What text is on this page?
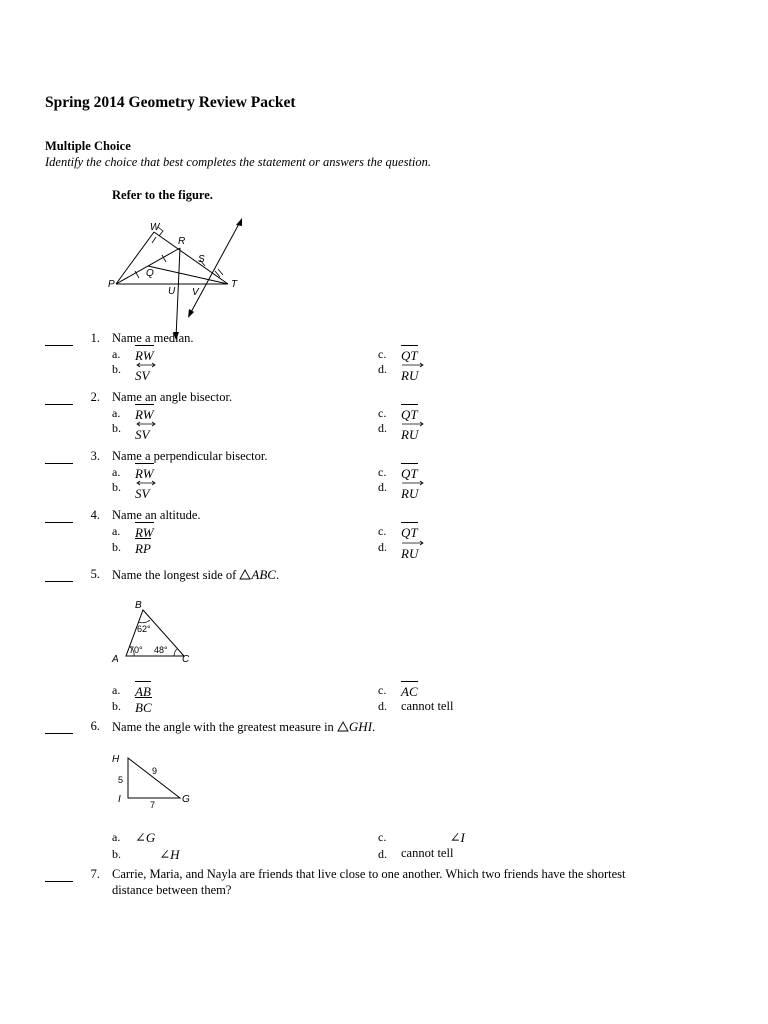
Spring 2014 Geometry Review Packet
Multiple Choice
Identify the choice that best completes the statement or answers the question.
Refer to the figure.
W
R
S
Q
P
U V
T
1. Name a median.
a. RW
b. SV
c. QT
d. RU
2. Name an angle bisector.
a. RW
b. SV
c. QT
d. RU
3. Name a perpendicular bisector.
a. RW
b. SV
c. QT
d. RU
4. Name an altitude.
a. RW
b. RP
c. QT
d. RU
5. Name the longest side of ABC.
B
A	C
62°
70° 48°
a. AB
b. BC
c. AC
d. cannot tell
6. Name the angle with the greatest measure in GHI.
H
I	G
9
5
7
a. ∠G
b.	∠H
c.	∠I
d. cannot tell
7. Carrie, Maria, and Nayla are friends that live close to one another. Which two friends have the shortest
distance between them?
